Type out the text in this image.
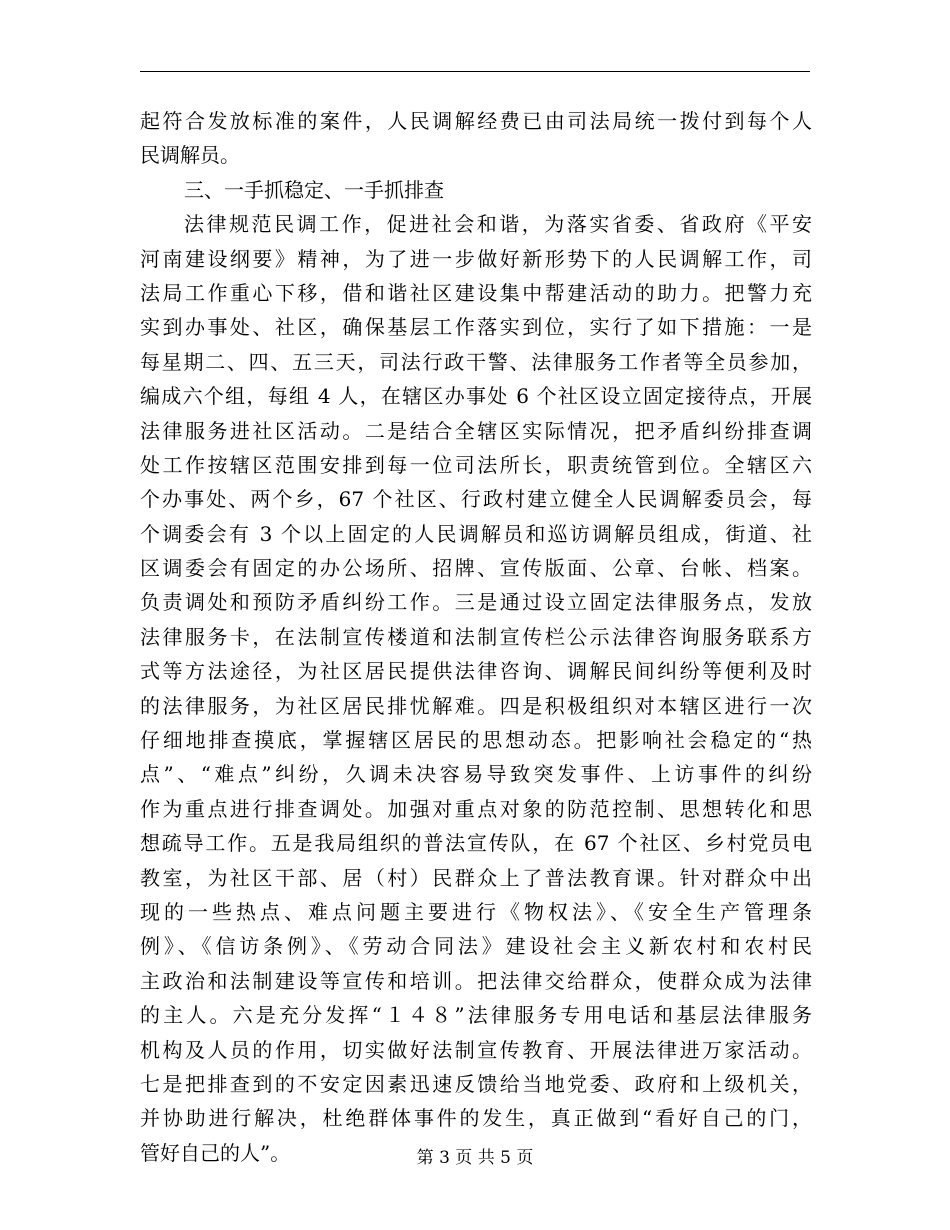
起符合发放标准的案件，人民调解经费已由司法局统一拨付到每个人
民调解员。
三、一手抓稳定、一手抓排查
法律规范民调工作，促进社会和谐，为落实省委、省政府《平安
河南建设纲要》精神，为了进一步做好新形势下的人民调解工作，司
法局工作重心下移，借和谐社区建设集中帮建活动的助力。把警力充
实到办事处、社区，确保基层工作落实到位，实行了如下措施：一是
每星期二、四、五三天，司法行政干警、法律服务工作者等全员参加，
编成六个组，每组 4 人，在辖区办事处 6 个社区设立固定接待点，开展
法律服务进社区活动。二是结合全辖区实际情况，把矛盾纠纷排查调
处工作按辖区范围安排到每一位司法所长，职责统管到位。全辖区六
个办事处、两个乡，67 个社区、行政村建立健全人民调解委员会，每
个调委会有 3 个以上固定的人民调解员和巡访调解员组成，街道、社
区调委会有固定的办公场所、招牌、宣传版面、公章、台帐、档案。
负责调处和预防矛盾纠纷工作。三是通过设立固定法律服务点，发放
法律服务卡，在法制宣传楼道和法制宣传栏公示法律咨询服务联系方
式等方法途径，为社区居民提供法律咨询、调解民间纠纷等便利及时
的法律服务，为社区居民排忧解难。四是积极组织对本辖区进行一次
仔细地排查摸底，掌握辖区居民的思想动态。把影响社会稳定的“热
点”、“难点”纠纷，久调未决容易导致突发事件、上访事件的纠纷
作为重点进行排查调处。加强对重点对象的防范控制、思想转化和思
想疏导工作。五是我局组织的普法宣传队，在 67 个社区、乡村党员电
教室，为社区干部、居（村）民群众上了普法教育课。针对群众中出
现的一些热点、难点问题主要进行《物权法》、《安全生产管理条
例》、《信访条例》、《劳动合同法》建设社会主义新农村和农村民
主政治和法制建设等宣传和培训。把法律交给群众，使群众成为法律
的主人。六是充分发挥“１４８”法律服务专用电话和基层法律服务
机构及人员的作用，切实做好法制宣传教育、开展法律进万家活动。
七是把排查到的不安定因素迅速反馈给当地党委、政府和上级机关，
并协助进行解决，杜绝群体事件的发生，真正做到“看好自己的门，
管好自己的人”。	第 3 页 共 5 页
